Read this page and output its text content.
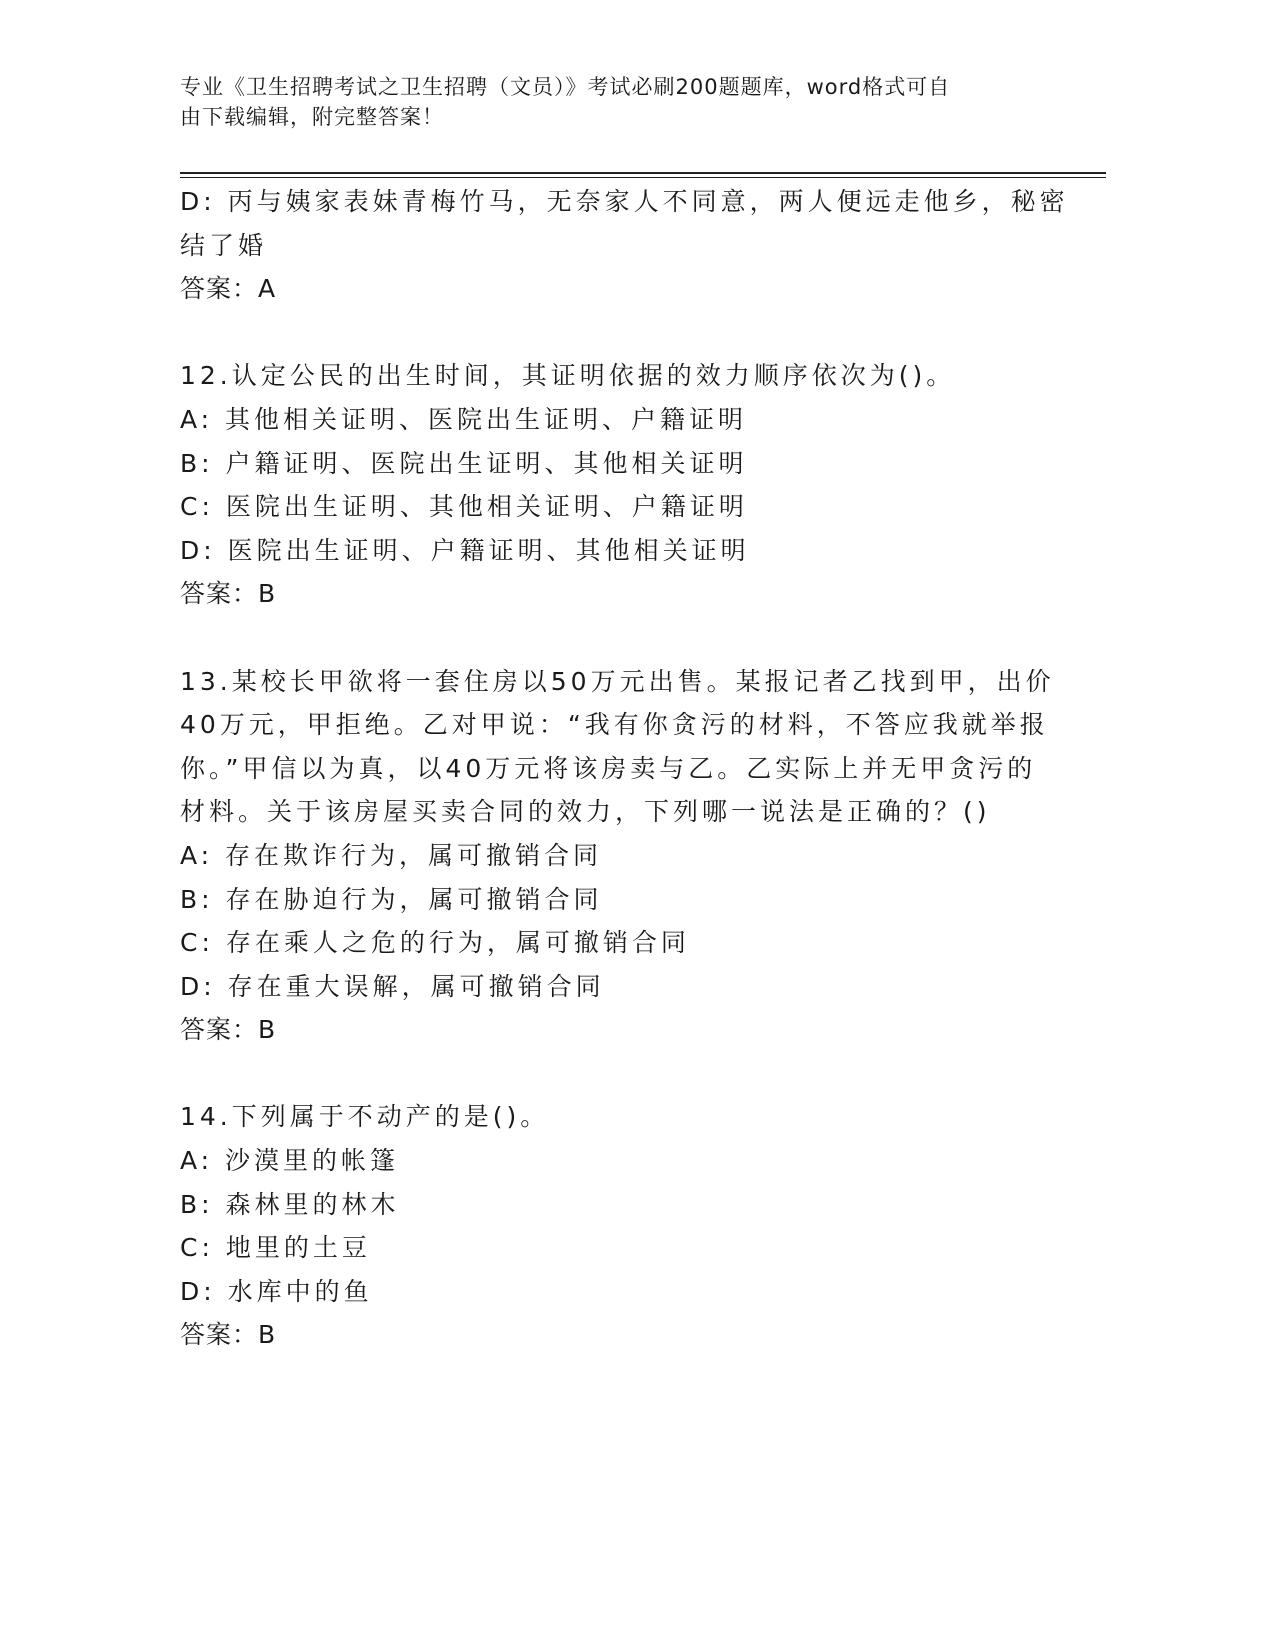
专业《卫生招聘考试之卫生招聘（文员）》考试必刷200题题库，word格式可自
由下载编辑，附完整答案！
D: 丙与姨家表妹青梅竹马，无奈家人不同意，两人便远走他乡，秘密
结了婚
答案：A
12.认定公民的出生时间，其证明依据的效力顺序依次为()。
A: 其他相关证明、医院出生证明、户籍证明
B: 户籍证明、医院出生证明、其他相关证明
C: 医院出生证明、其他相关证明、户籍证明
D: 医院出生证明、户籍证明、其他相关证明
答案：B
13.某校长甲欲将一套住房以50万元出售。某报记者乙找到甲，出价
40万元，甲拒绝。乙对甲说：“我有你贪污的材料，不答应我就举报
你。”甲信以为真，以40万元将该房卖与乙。乙实际上并无甲贪污的
材料。关于该房屋买卖合同的效力，下列哪一说法是正确的？()
A: 存在欺诈行为，属可撤销合同
B: 存在胁迫行为，属可撤销合同
C: 存在乘人之危的行为，属可撤销合同
D: 存在重大误解，属可撤销合同
答案：B
14.下列属于不动产的是()。
A: 沙漠里的帐篷
B: 森林里的林木
C: 地里的土豆
D: 水库中的鱼
答案：B
